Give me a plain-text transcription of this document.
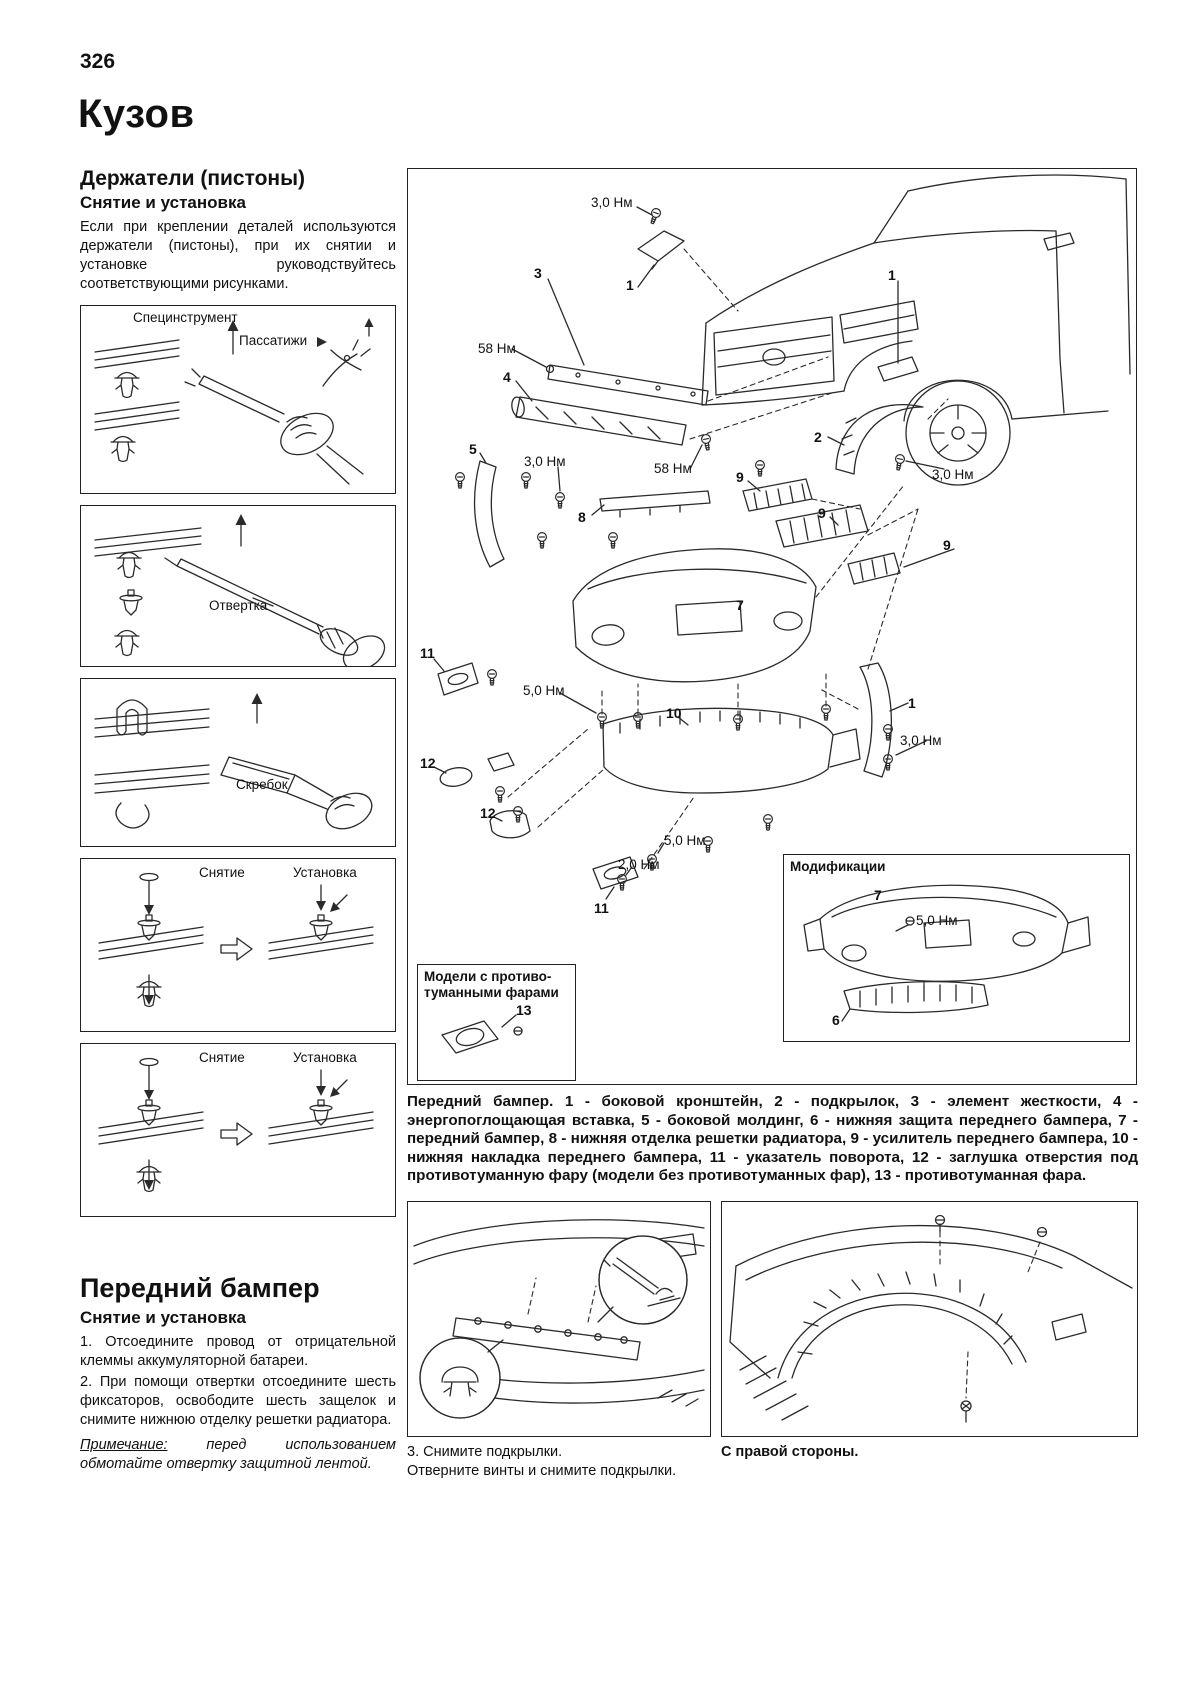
326
Кузов
Держатели (пистоны)
Снятие и установка

Если при креплении деталей используются держатели (пистоны), при их снятии и установке руководствуйтесь соответствующими рисунками.

Специнструмент
Пассатижи
Отвертка
Скребок
Снятие	Установка
Снятие	Установка
Передний бампер
Снятие и установка

1. Отсоедините провод от отрицательной клеммы аккумуляторной батареи.

2. При помощи отвертки отсоедините шесть фиксаторов, освободите шесть защелок и снимите нижнюю отделку решетки радиатора.

Примечание: перед использованием обмотайте отвертку защитной лентой.

Модели с противо-
туманными фарами
Модификации
3,0 Нм
58 Нм
3,0 Нм	58 Нм	3,0 Нм
5,0 Нм
3,0 Нм
5,0 Нм
2,0 Нм
5,0 Нм
3
1
1
4
2
5
9
8	9
9
7
11
10
1
12
12
11
13
7
6

Передний бампер. 1 - боковой кронштейн, 2 - подкрылок, 3 - элемент жесткости, 4 - энергопоглощающая вставка, 5 - боковой молдинг, 6 - нижняя защита переднего бампера, 7 - передний бампер, 8 - нижняя отделка решетки радиатора, 9 - усилитель переднего бампера, 10 - нижняя накладка переднего бампера, 11 - указатель поворота, 12 - заглушка отверстия под противотуманную фару (модели без противотуманных фар), 13 - противотуманная фара.

3. Снимите подкрылки.
Отверните винты и снимите подкрылки.
С правой стороны.
